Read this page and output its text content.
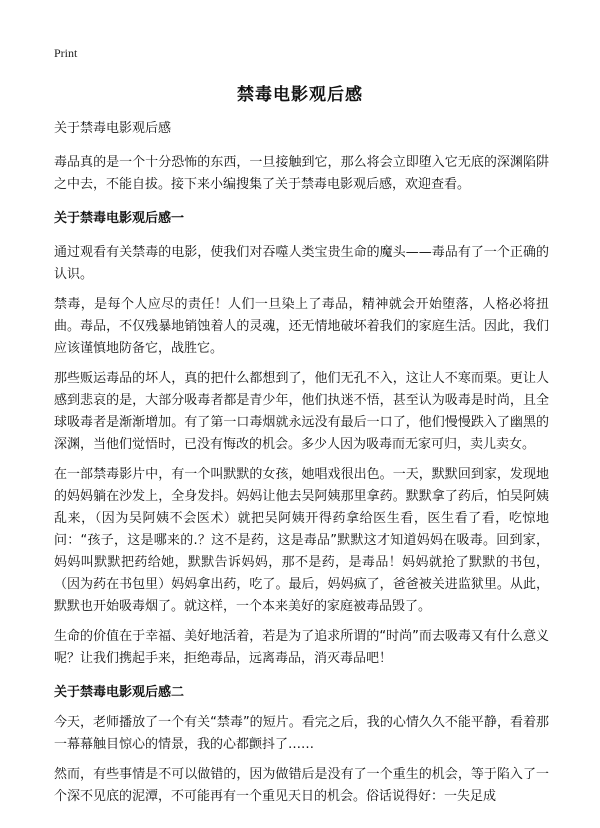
Print
禁毒电影观后感

关于禁毒电影观后感

毒品真的是一个十分恐怖的东西，一旦接触到它，那么将会立即堕入它无底的深渊陷阱之中去，不能自拔。接下来小编搜集了关于禁毒电影观后感，欢迎查看。

关于禁毒电影观后感一

通过观看有关禁毒的电影，使我们对吞噬人类宝贵生命的魔头——毒品有了一个正确的认识。

禁毒，是每个人应尽的责任！人们一旦染上了毒品，精神就会开始堕落，人格必将扭曲。毒品，不仅残暴地销蚀着人的灵魂，还无情地破坏着我们的家庭生活。因此，我们应该谨慎地防备它，战胜它。

那些贩运毒品的坏人，真的把什么都想到了，他们无孔不入，这让人不寒而栗。更让人感到悲哀的是，大部分吸毒者都是青少年，他们执迷不悟，甚至认为吸毒是时尚，且全球吸毒者是渐渐增加。有了第一口毒烟就永远没有最后一口了，他们慢慢跌入了幽黑的深渊，当他们觉悟时，已没有悔改的机会。多少人因为吸毒而无家可归，卖儿卖女。

在一部禁毒影片中，有一个叫默默的女孩，她唱戏很出色。一天，默默回到家，发现地的妈妈躺在沙发上，全身发抖。妈妈让他去吴阿姨那里拿药。默默拿了药后，怕吴阿姨乱来，（因为吴阿姨不会医术）就把吴阿姨开得药拿给医生看，医生看了看，吃惊地问：“孩子，这是哪来的.？这不是药，这是毒品”默默这才知道妈妈在吸毒。回到家，妈妈叫默默把药给她，默默告诉妈妈，那不是药，是毒品！妈妈就抢了默默的书包，（因为药在书包里）妈妈拿出药，吃了。最后，妈妈疯了，爸爸被关进监狱里。从此，默默也开始吸毒烟了。就这样，一个本来美好的家庭被毒品毁了。

生命的价值在于幸福、美好地活着，若是为了追求所谓的“时尚”而去吸毒又有什么意义呢？让我们携起手来，拒绝毒品，远离毒品，消灭毒品吧！

关于禁毒电影观后感二

今天，老师播放了一个有关“禁毒”的短片。看完之后，我的心情久久不能平静，看着那一幕幕触目惊心的情景，我的心都颤抖了……

然而，有些事情是不可以做错的，因为做错后是没有了一个重生的机会，等于陷入了一个深不见底的泥潭，不可能再有一个重见天日的机会。俗话说得好：一失足成
